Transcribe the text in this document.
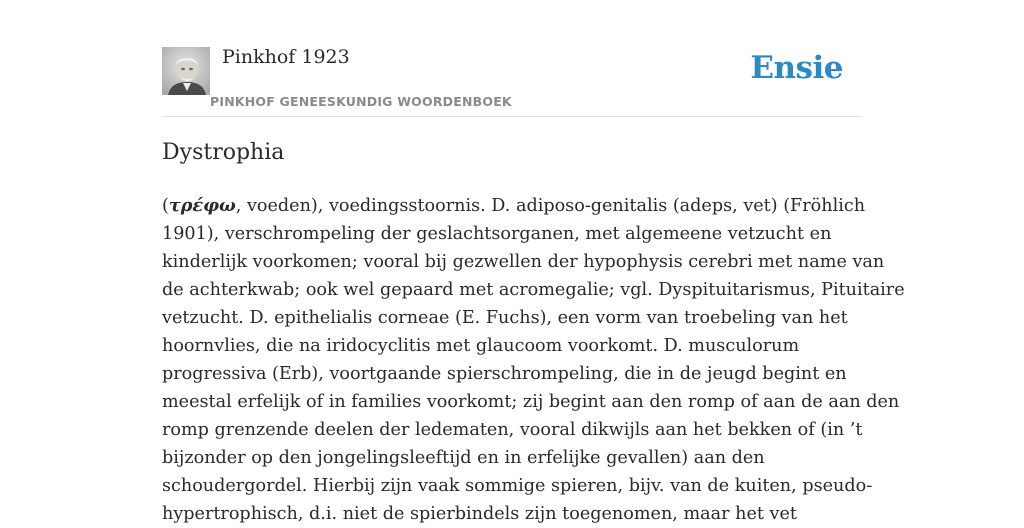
Pinkhof 1923
PINKHOF GENEESKUNDIG WOORDENBOEK
Ensie
Dystrophia
(τρέφω, voeden), voedingsstoornis. D. adiposo-genitalis (adeps, vet) (Fröhlich
1901), verschrompeling der geslachtsorganen, met algemeene vetzucht en
kinderlijk voorkomen; vooral bij gezwellen der hypophysis cerebri met name van
de achterkwab; ook wel gepaard met acromegalie; vgl. Dyspituitarismus, Pituitaire
vetzucht. D. epithelialis corneae (E. Fuchs), een vorm van troebeling van het
hoornvlies, die na iridocyclitis met glaucoom voorkomt. D. musculorum
progressiva (Erb), voortgaande spierschrompeling, die in de jeugd begint en
meestal erfelijk of in families voorkomt; zij begint aan den romp of aan de aan den
romp grenzende deelen der ledematen, vooral dikwijls aan het bekken of (in ’t
bijzonder op den jongelingsleeftijd en in erfelijke gevallen) aan den
schoudergordel. Hierbij zijn vaak sommige spieren, bijv. van de kuiten, pseudo-
hypertrophisch, d.i. niet de spierbindels zijn toegenomen, maar het vet
